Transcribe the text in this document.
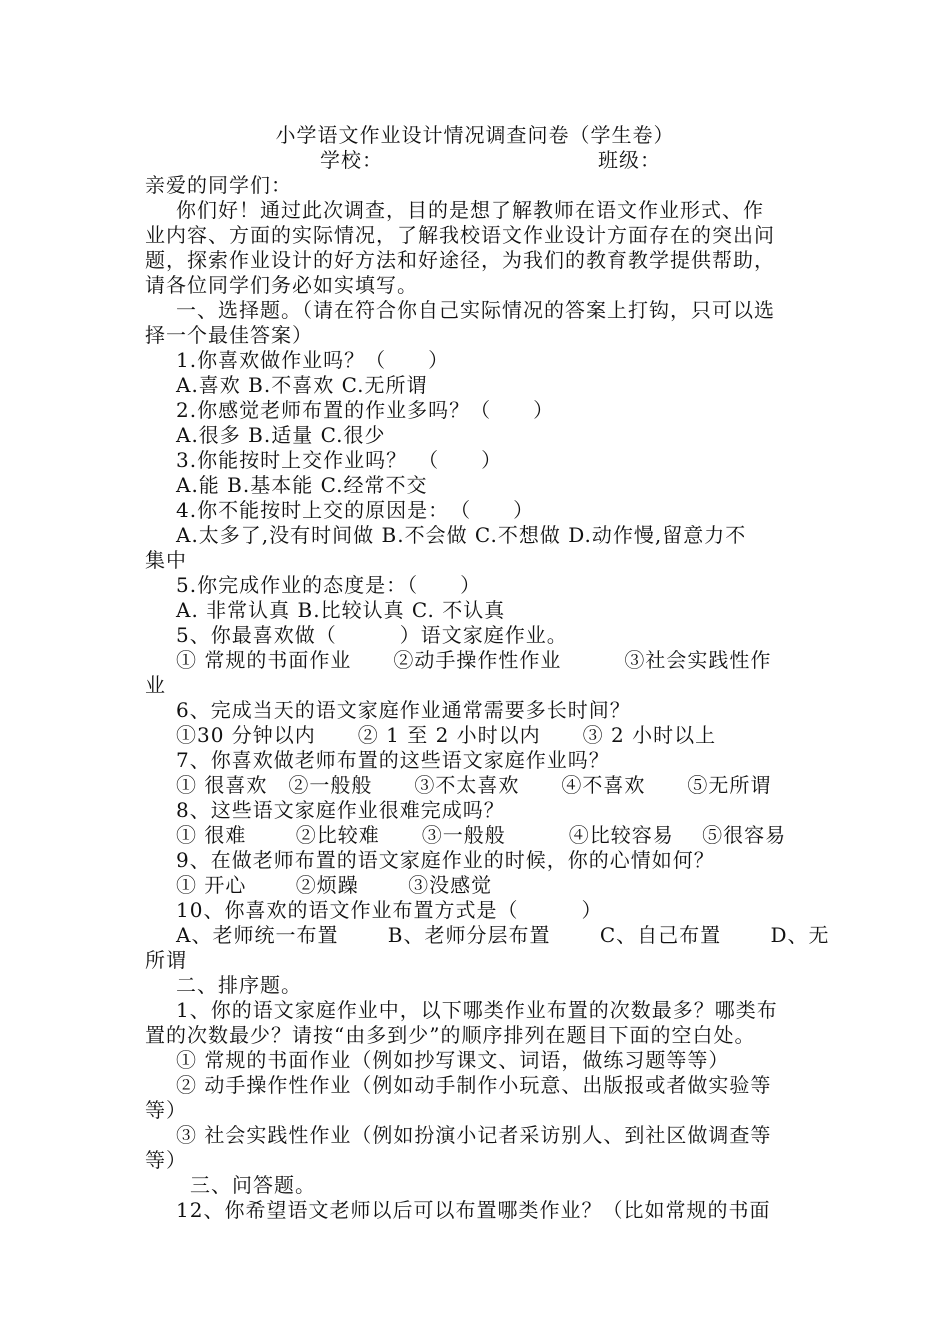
小学语文作业设计情况调查问卷（学生卷）
学校：	班级：
亲爱的同学们：
你们好！通过此次调查，目的是想了解教师在语文作业形式、作
业内容、方面的实际情况，了解我校语文作业设计方面存在的突出问
题，探索作业设计的好方法和好途径，为我们的教育教学提供帮助，
请各位同学们务必如实填写。
一、选择题。（请在符合你自己实际情况的答案上打钩，只可以选
择一个最佳答案）
1.你喜欢做作业吗？（　　）
A.喜欢 B.不喜欢 C.无所谓
2.你感觉老师布置的作业多吗？（　　）
A.很多 B.适量 C.很少
3.你能按时上交作业吗？　（　　）
A.能 B.基本能 C.经常不交
4.你不能按时上交的原因是：　（　　）
A.太多了,没有时间做 B.不会做 C.不想做 D.动作慢,留意力不
集中
5.你完成作业的态度是：（　　）
A. 非常认真 B.比较认真 C. 不认真
5、你最喜欢做（　　　）语文家庭作业。
① 常规的书面作业　　②动手操作性作业　　　③社会实践性作
业
6、完成当天的语文家庭作业通常需要多长时间？
①30 分钟以内　　② 1 至 2 小时以内　　③ 2 小时以上
7、你喜欢做老师布置的这些语文家庭作业吗？
① 很喜欢　②一般般　　③不太喜欢　　④不喜欢　　⑤无所谓
8、这些语文家庭作业很难完成吗？
① 很难　　 ②比较难　　③一般般　　　④比较容易　 ⑤很容易
9、在做老师布置的语文家庭作业的时候，你的心情如何？
① 开心　　 ②烦躁　　 ③没感觉
10、你喜欢的语文作业布置方式是（　　　）
A、老师统一布置　　 B、老师分层布置　　 C、自己布置　　 D、无
所谓
二、排序题。
1、你的语文家庭作业中，以下哪类作业布置的次数最多？哪类布
置的次数最少？请按“由多到少”的顺序排列在题目下面的空白处。
① 常规的书面作业（例如抄写课文、词语，做练习题等等）
② 动手操作性作业（例如动手制作小玩意、出版报或者做实验等
等）
③ 社会实践性作业（例如扮演小记者采访别人、到社区做调查等
等）
三、问答题。
12、你希望语文老师以后可以布置哪类作业？（比如常规的书面
